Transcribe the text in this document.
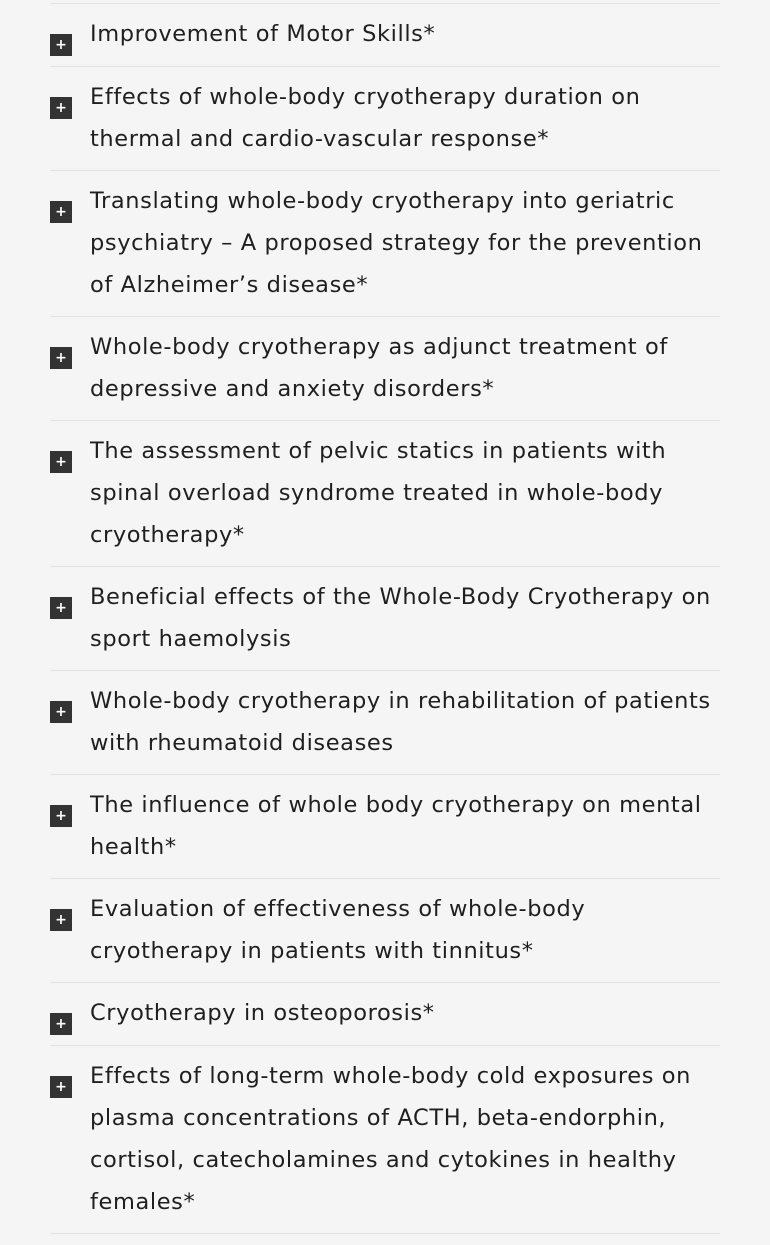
+ Improvement of Motor Skills*
+ Effects of whole-body cryotherapy duration on thermal and cardio-vascular response*
+ Translating whole-body cryotherapy into geriatric psychiatry – A proposed strategy for the prevention of Alzheimer’s disease*
+ Whole-body cryotherapy as adjunct treatment of depressive and anxiety disorders*
+ The assessment of pelvic statics in patients with spinal overload syndrome treated in whole-body cryotherapy*
+ Beneficial effects of the Whole-Body Cryotherapy on sport haemolysis
+ Whole-body cryotherapy in rehabilitation of patients with rheumatoid diseases
+ The influence of whole body cryotherapy on mental health*
+ Evaluation of effectiveness of whole-body cryotherapy in patients with tinnitus*
+ Cryotherapy in osteoporosis*
+ Effects of long-term whole-body cold exposures on plasma concentrations of ACTH, beta-endorphin, cortisol, catecholamines and cytokines in healthy females*
